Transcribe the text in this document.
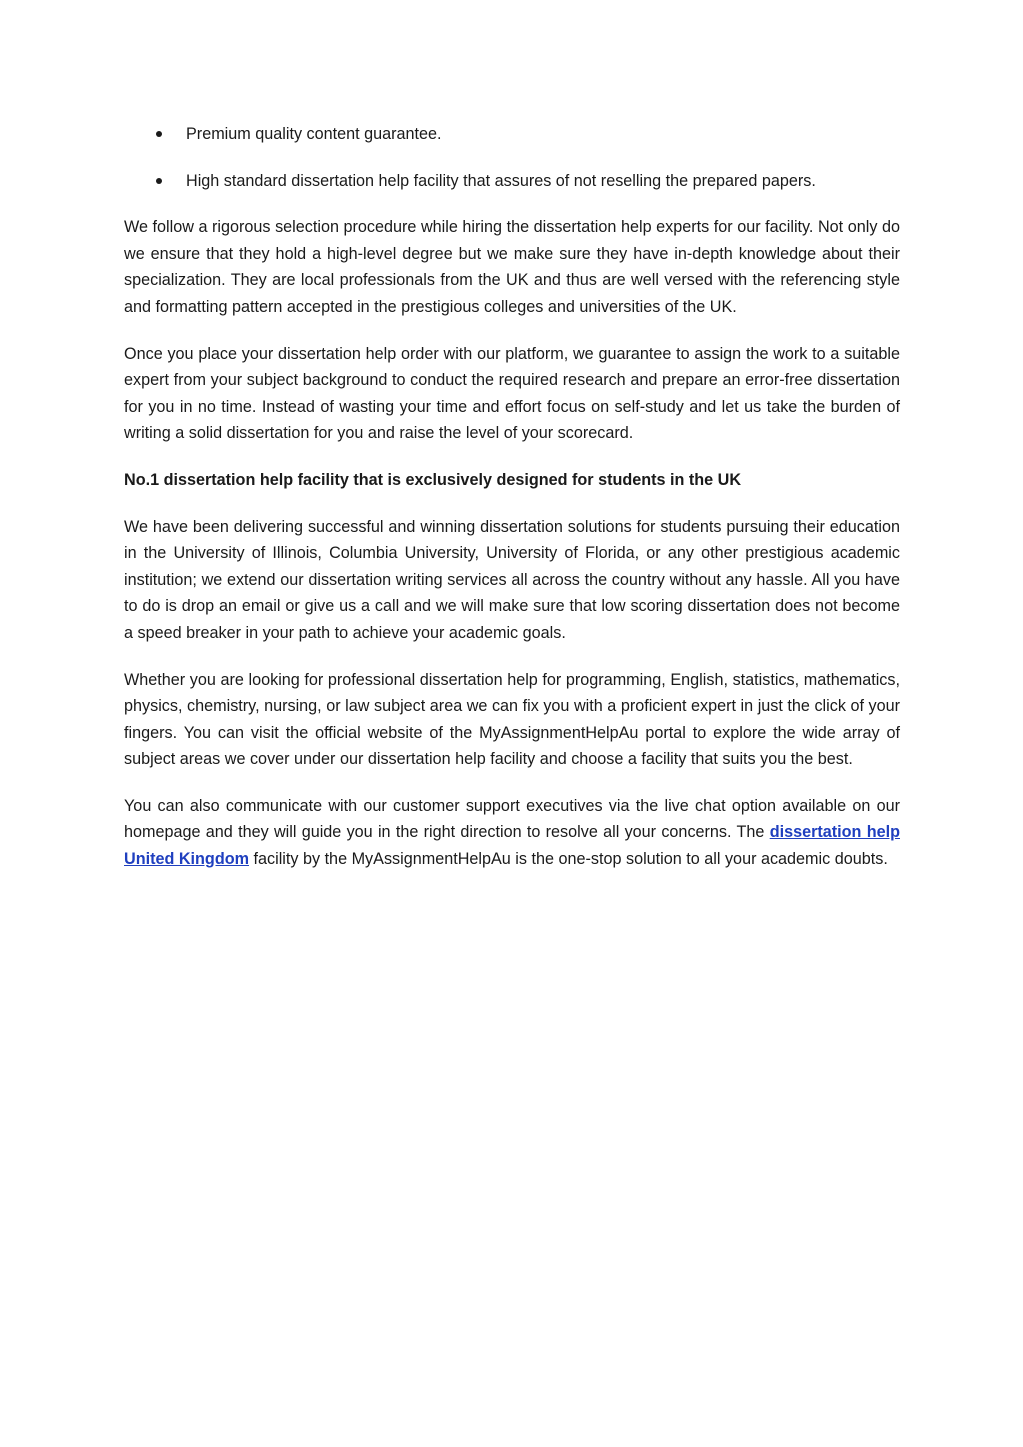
Premium quality content guarantee.
High standard dissertation help facility that assures of not reselling the prepared papers.

We follow a rigorous selection procedure while hiring the dissertation help experts for our facility. Not only do we ensure that they hold a high-level degree but we make sure they have in-depth knowledge about their specialization. They are local professionals from the UK and thus are well versed with the referencing style and formatting pattern accepted in the prestigious colleges and universities of the UK.

Once you place your dissertation help order with our platform, we guarantee to assign the work to a suitable expert from your subject background to conduct the required research and prepare an error-free dissertation for you in no time. Instead of wasting your time and effort focus on self-study and let us take the burden of writing a solid dissertation for you and raise the level of your scorecard.

No.1 dissertation help facility that is exclusively designed for students in the UK

We have been delivering successful and winning dissertation solutions for students pursuing their education in the University of Illinois, Columbia University, University of Florida, or any other prestigious academic institution; we extend our dissertation writing services all across the country without any hassle. All you have to do is drop an email or give us a call and we will make sure that low scoring dissertation does not become a speed breaker in your path to achieve your academic goals.

Whether you are looking for professional dissertation help for programming, English, statistics, mathematics, physics, chemistry, nursing, or law subject area we can fix you with a proficient expert in just the click of your fingers. You can visit the official website of the MyAssignmentHelpAu portal to explore the wide array of subject areas we cover under our dissertation help facility and choose a facility that suits you the best.

You can also communicate with our customer support executives via the live chat option available on our homepage and they will guide you in the right direction to resolve all your concerns. The dissertation help United Kingdom facility by the MyAssignmentHelpAu is the one-stop solution to all your academic doubts.
